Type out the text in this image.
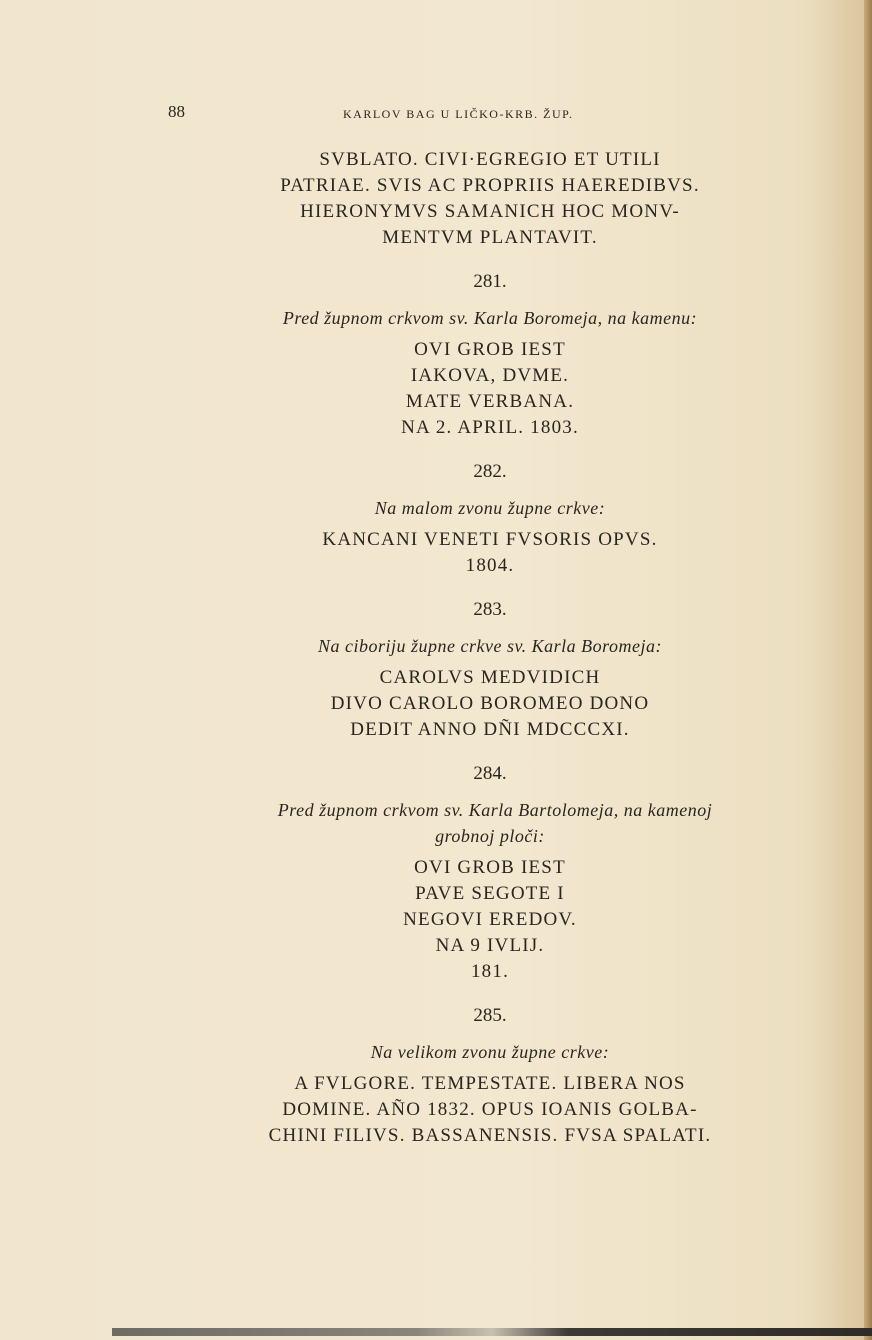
88	KARLOV BAG U LIČKO-KRB. ŽUP.
SVBLATO. CIVI·EGREGIO ET UTILI
PATRIAE. SVIS AC PROPRIIS HAEREDIBVS.
HIERONYMVS SAMANICH HOC MONV-
MENTVM PLANTAVIT.
281.
Pred župnom crkvom sv. Karla Boromeja, na kamenu:
OVI GROB IEST
IAKOVA, DVME.
MATE VERBANA.
NA 2. APRIL. 1803.
282.
Na malom zvonu župne crkve:
KANCANI VENETI FVSORIS OPVS.
1804.
283.
Na ciboriju župne crkve sv. Karla Boromeja:
CAROLVS MEDVIDICH
DIVO CAROLO BOROMEO DONO
DEDIT ANNO DÑI MDCCCXI.
284.
Pred župnom crkvom sv. Karla Bartolomeja, na kamenoj
grobnoj ploči:
OVI GROB IEST
PAVE SEGOTE I
NEGOVI EREDOV.
NA 9 IVLIJ.
181.
285.
Na velikom zvonu župne crkve:
A FVLGORE. TEMPESTATE. LIBERA NOS
DOMINE. AÑO 1832. OPUS IOANIS GOLBA-
CHINI FILIVS. BASSANENSIS. FVSA SPALATI.
